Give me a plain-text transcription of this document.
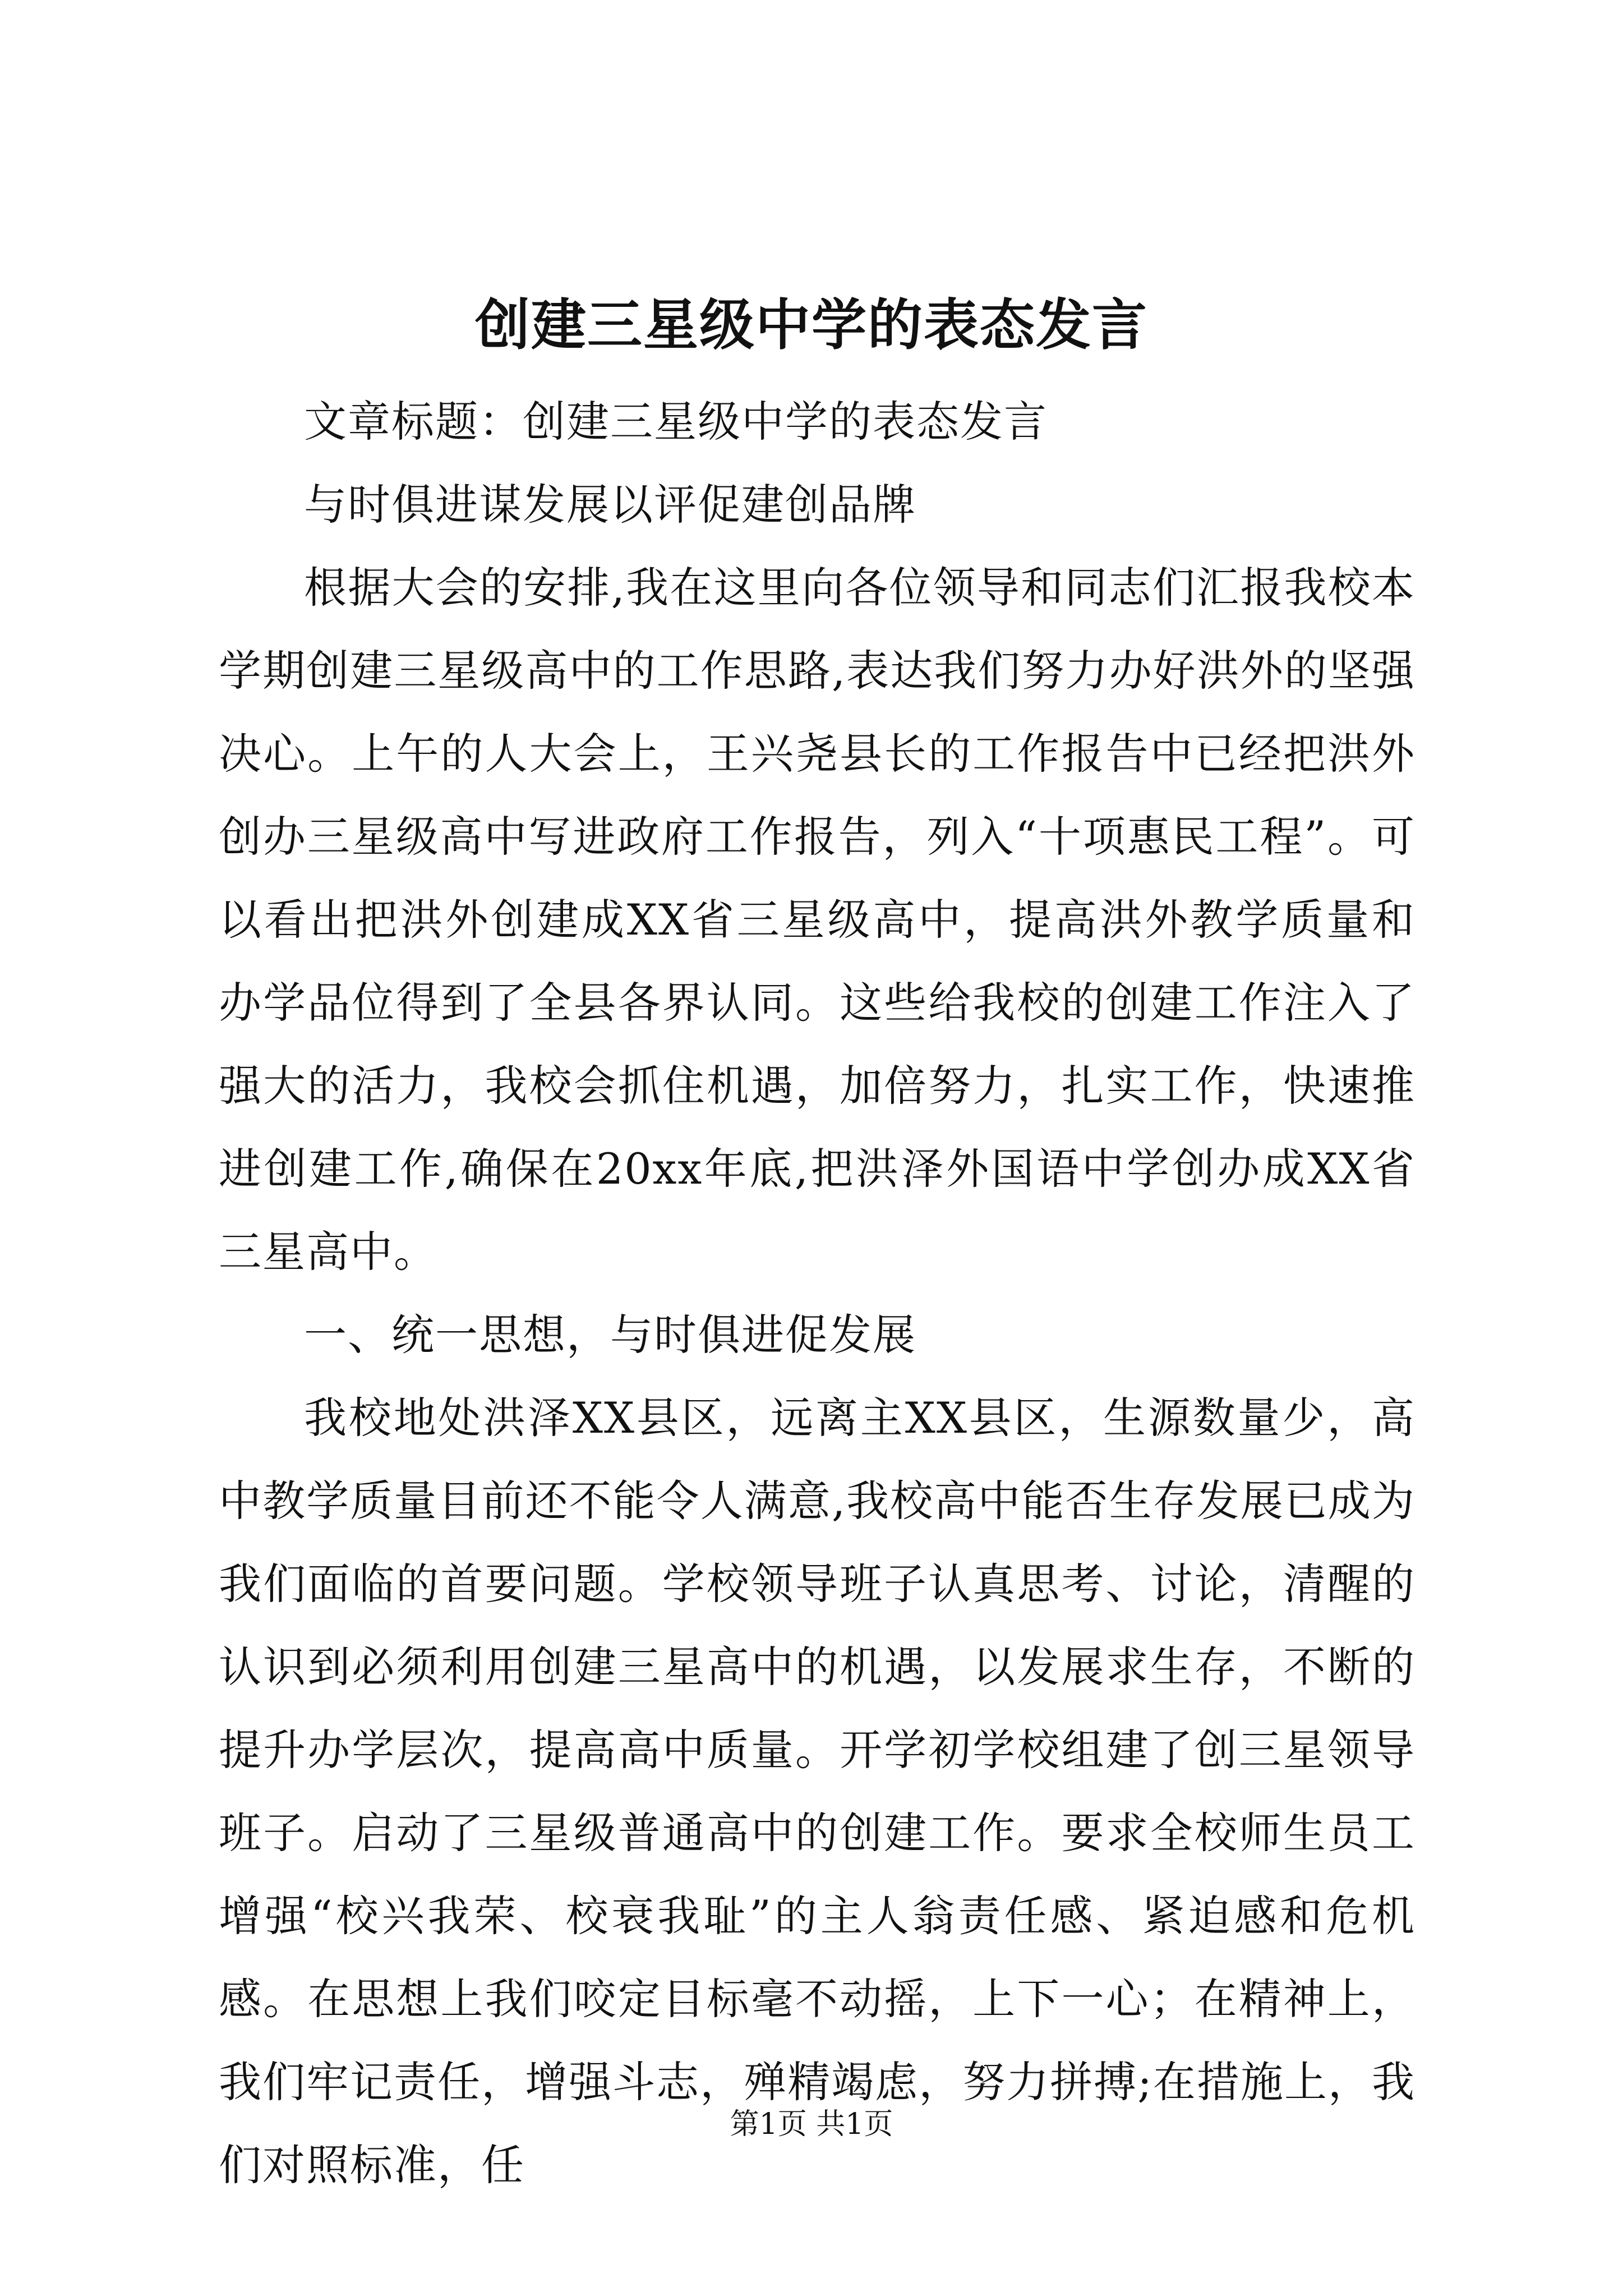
创建三星级中学的表态发言

文章标题：创建三星级中学的表态发言

与时俱进谋发展以评促建创品牌

根据大会的安排,我在这里向各位领导和同志们汇报我校本学期创建三星级高中的工作思路,表达我们努力办好洪外的坚强决心。上午的人大会上，王兴尧县长的工作报告中已经把洪外创办三星级高中写进政府工作报告，列入“十项惠民工程”。可以看出把洪外创建成XX省三星级高中，提高洪外教学质量和办学品位得到了全县各界认同。这些给我校的创建工作注入了强大的活力，我校会抓住机遇，加倍努力，扎实工作，快速推进创建工作,确保在20xx年底,把洪泽外国语中学创办成XX省三星高中。

一、统一思想，与时俱进促发展

我校地处洪泽XX县区，远离主XX县区，生源数量少，高中教学质量目前还不能令人满意,我校高中能否生存发展已成为我们面临的首要问题。学校领导班子认真思考、讨论，清醒的认识到必须利用创建三星高中的机遇，以发展求生存，不断的提升办学层次，提高高中质量。开学初学校组建了创三星领导班子。启动了三星级普通高中的创建工作。要求全校师生员工增强“校兴我荣、校衰我耻”的主人翁责任感、紧迫感和危机感。在思想上我们咬定目标毫不动摇，上下一心；在精神上，我们牢记责任，增强斗志，殚精竭虑，努力拼搏;在措施上，我们对照标准，任

第1页 共1页
